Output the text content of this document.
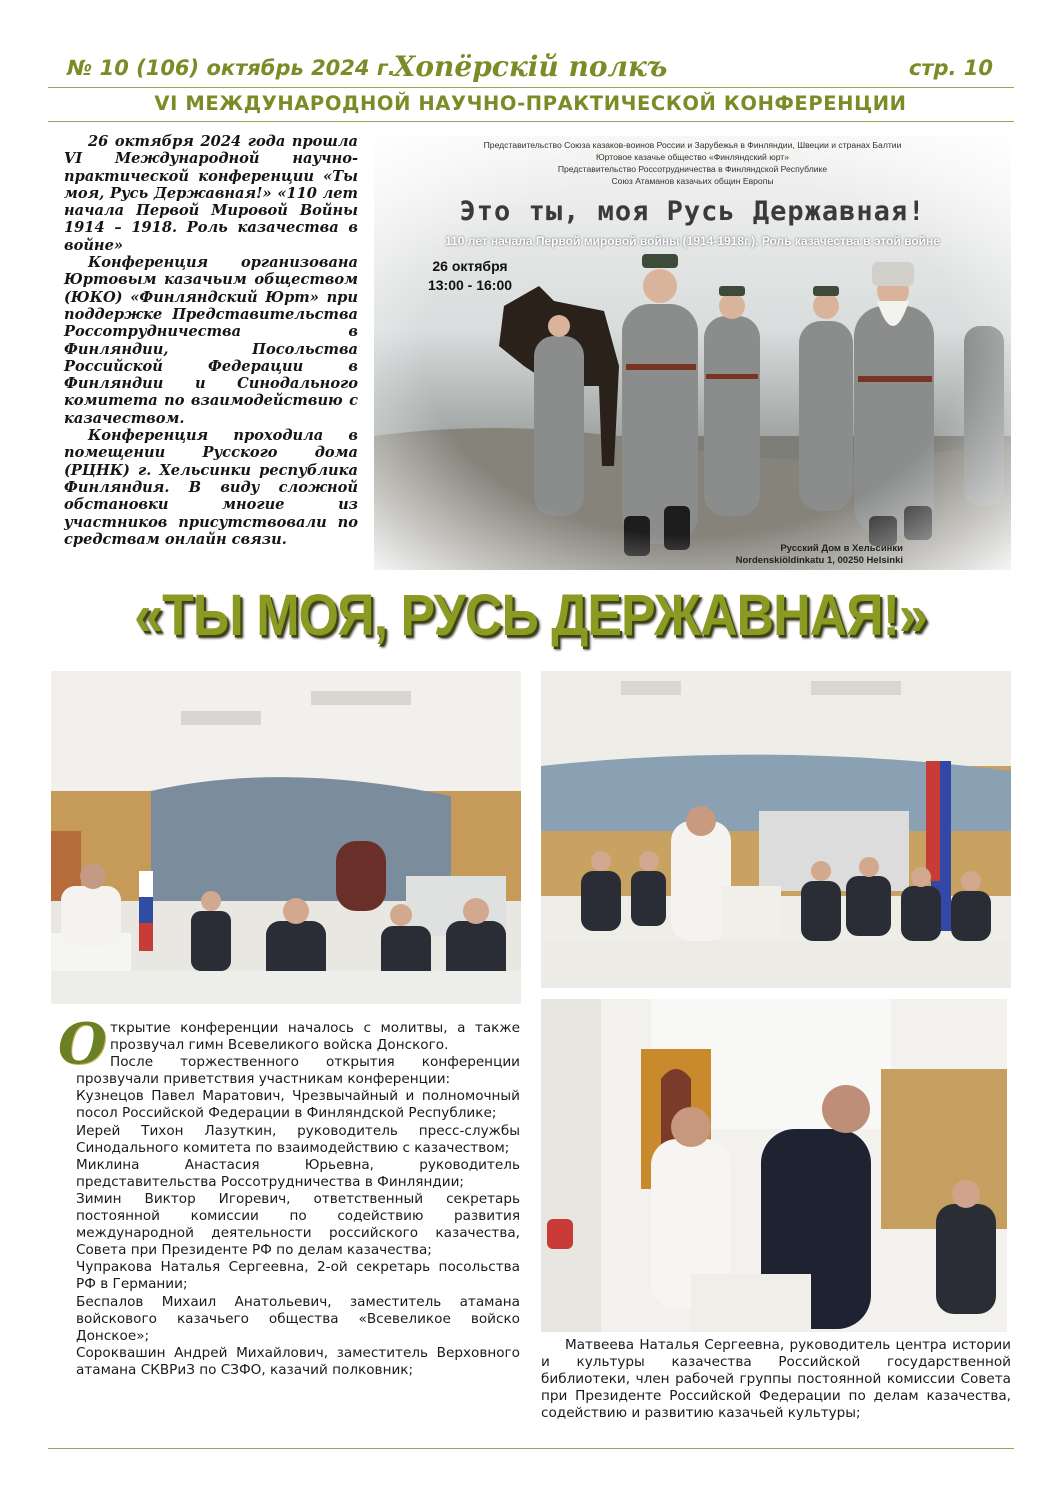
№ 10 (106) октябрь 2024 г.
Хопёрскiй полкъ	стр. 10
VI МЕЖДУНАРОДНОЙ НАУЧНО-ПРАКТИЧЕСКОЙ КОНФЕРЕНЦИИ

26 октября 2024 года прошла VI Международной научно-практической конференции «Ты моя, Русь Державная!» «110 лет начала Первой Мировой Войны 1914 – 1918. Роль казачества в войне»

Конференция организована Юртовым казачьим обществом (ЮКО) «Финляндский Юрт» при поддержке Представительства Россотрудничества в Финляндии, Посольства Российской Федерации в Финляндии и Синодального комитета по взаимодействию с казачеством.

Конференция проходила в помещении Русского дома (РЦНК) г. Хельсинки республика Финляндия. В виду сложной обстановки многие из участников присутствовали по средствам онлайн связи.

Представительство Союза казаков-воинов России и Зарубежья в Финляндии, Швеции и странах Балтии
Юртовое казачье общество «Финляндский юрт»
Представительство Россотрудничества в Финляндской Республике
Союз Атаманов казачьих общин Европы
Это ты, моя Русь Державная!
110 лет начала Первой мировой войны (1914-1918г.). Роль казачества в этой войне
26 октября
13:00 - 16:00
Русский Дом в Хельсинки
Nordenskiöldinkatu 1, 00250 Helsinki
«ТЫ МОЯ, РУСЬ ДЕРЖАВНАЯ!»

Открытие конференции началось с молитвы, а также прозвучал гимн Всевеликого войска Донского.

После торжественного открытия конференции прозвучали приветствия участникам конференции:

Кузнецов Павел Маратович, Чрезвычайный и полномочный посол Российской Федерации в Финляндской Республике;

Иерей Тихон Лазуткин, руководитель пресс-службы Синодального комитета по взаимодействию с казачеством;

Миклина Анастасия Юрьевна, руководитель представительства Россотрудничества в Финляндии;

Зимин Виктор Игоревич, ответственный секретарь постоянной комиссии по содействию развития международной деятельности российского казачества, Совета при Президенте РФ по делам казачества;

Чупракова Наталья Сергеевна, 2-ой секретарь посольства РФ в Германии;

Беспалов Михаил Анатольевич, заместитель атамана войскового казачьего общества «Всевеликое войско Донское»;

Сороквашин Андрей Михайлович, заместитель Верховного атамана СКВРиЗ по СЗФО, казачий полковник;

Матвеева Наталья Сергеевна, руководитель центра истории и культуры казачества Российской государственной библиотеки, член рабочей группы постоянной комиссии Совета при Президенте Российской Федерации по делам казачества, содействию и развитию казачьей культуры;
